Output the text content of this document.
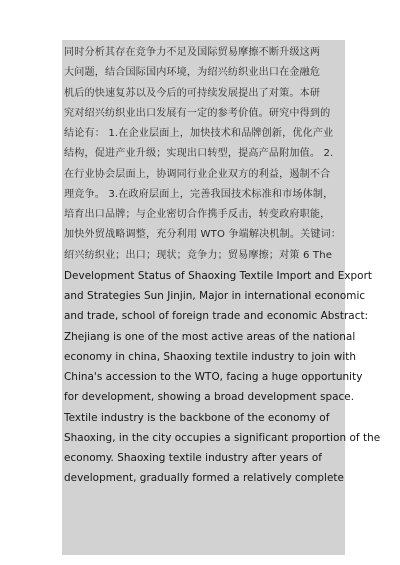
同时分析其存在竞争力不足及国际贸易摩擦不断升级这两
大问题，结合国际国内环境，为绍兴纺织业出口在金融危
机后的快速复苏以及今后的可持续发展提出了对策。本研
究对绍兴纺织业出口发展有一定的参考价值。研究中得到的
结论有： 1.在企业层面上，加快技术和品牌创新，优化产业
结构，促进产业升级；实现出口转型，提高产品附加值。 2.
在行业协会层面上，协调同行业企业双方的利益，遏制不合
理竞争。 3.在政府层面上，完善我国技术标准和市场体制，
培育出口品牌；与企业密切合作携手反击，转变政府职能，
加快外贸战略调整，充分利用 WTO 争端解决机制。关键词：
绍兴纺织业；出口；现状；竞争力；贸易摩擦；对策 6 The
Development Status of Shaoxing Textile Import and Export
and Strategies Sun Jinjin, Major in international economic
and trade, school of foreign trade and economic Abstract:
Zhejiang is one of the most active areas of the national
economy in china, Shaoxing textile industry to join with
China's accession to the WTO, facing a huge opportunity
for development, showing a broad development space.
Textile industry is the backbone of the economy of
Shaoxing, in the city occupies a significant proportion of the
economy. Shaoxing textile industry after years of
development, gradually formed a relatively complete
